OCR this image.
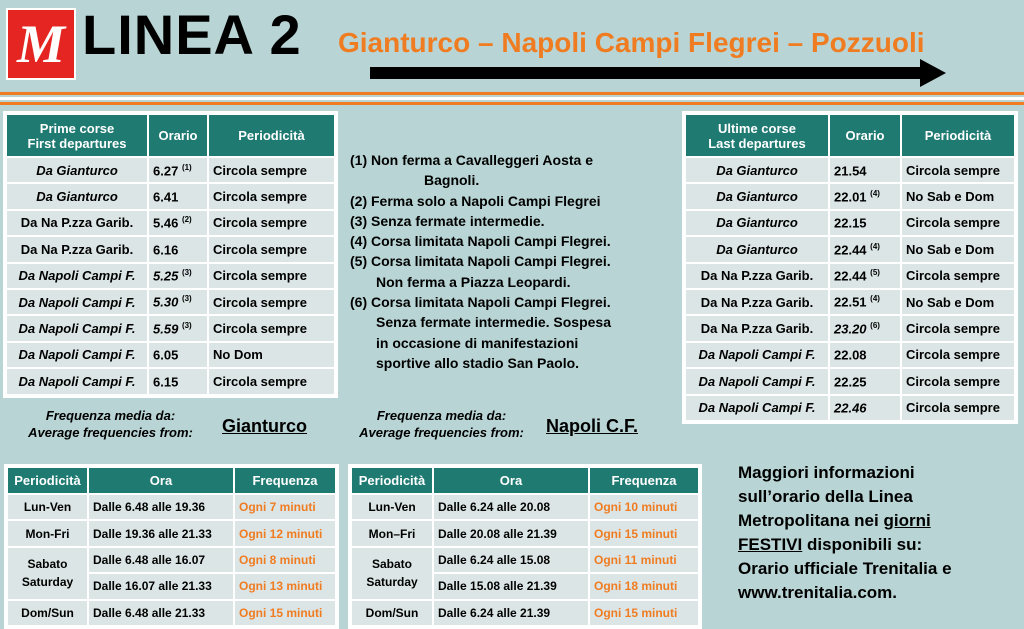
M LINEA 2 Gianturco – Napoli Campi Flegrei – Pozzuoli
Prime corse
First departures	Orario	Periodicità
Da Gianturco	6.27 $^{(1)}$	Circola sempre
Da Gianturco	6.41	Circola sempre
Da Na P.zza Garib.	5.46 $^{(2)}$	Circola sempre
Da Na P.zza Garib.	6.16	Circola sempre
Da Napoli Campi F.	5.25 $^{(3)}$	Circola sempre
Da Napoli Campi F.	5.30 $^{(3)}$	Circola sempre
Da Napoli Campi F.	5.59 $^{(3)}$	Circola sempre
Da Napoli Campi F.	6.05	No Dom
Da Napoli Campi F.	6.15	Circola sempre
Ultime corse
Last departures	Orario	Periodicità
Da Gianturco	21.54	Circola sempre
Da Gianturco	22.01 $^{(4)}$	No Sab e Dom
Da Gianturco	22.15	Circola sempre
Da Gianturco	22.44 $^{(4)}$	No Sab e Dom
Da Na P.zza Garib.	22.44 $^{(5)}$	Circola sempre
Da Na P.zza Garib.	22.51 $^{(4)}$	No Sab e Dom
Da Na P.zza Garib.	23.20 $^{(6)}$	Circola sempre
Da Napoli Campi F.	22.08	Circola sempre
Da Napoli Campi F.	22.25	Circola sempre
Da Napoli Campi F.	22.46	Circola sempre
(1) Non ferma a Cavalleggeri Aosta e
Bagnoli.
(2) Ferma solo a Napoli Campi Flegrei
(3) Senza fermate intermedie.
(4) Corsa limitata Napoli Campi Flegrei.
(5) Corsa limitata Napoli Campi Flegrei.
Non ferma a Piazza Leopardi.
(6) Corsa limitata Napoli Campi Flegrei.
Senza fermate intermedie. Sospesa
in occasione di manifestazioni
sportive allo stadio San Paolo.
Frequenza media da:
Average frequencies from:	Gianturco
Frequenza media da:
Average frequencies from:	Napoli C.F.
Periodicità	Ora	Frequenza
Lun-Ven	Dalle 6.48 alle 19.36	Ogni 7 minuti
Mon-Fri	Dalle 19.36 alle 21.33	Ogni 12 minuti

Sabato
Saturday	Dalle 6.48 alle 16.07	Ogni 8 minuti
	Dalle 16.07 alle 21.33	Ogni 13 minuti
Dom/Sun	Dalle 6.48 alle 21.33	Ogni 15 minuti
Periodicità	Ora	Frequenza
Lun-Ven	Dalle 6.24 alle 20.08	Ogni 10 minuti
Mon–Fri	Dalle 20.08 alle 21.39	Ogni 15 minuti

Sabato
Saturday	Dalle 6.24 alle 15.08	Ogni 11 minuti
	Dalle 15.08 alle 21.39	Ogni 18 minuti
Dom/Sun	Dalle 6.24 alle 21.39	Ogni 15 minuti
Maggiori informazioni
sull’orario della Linea
Metropolitana nei giorni
FESTIVI disponibili su:
Orario ufficiale Trenitalia e
www.trenitalia.com.
